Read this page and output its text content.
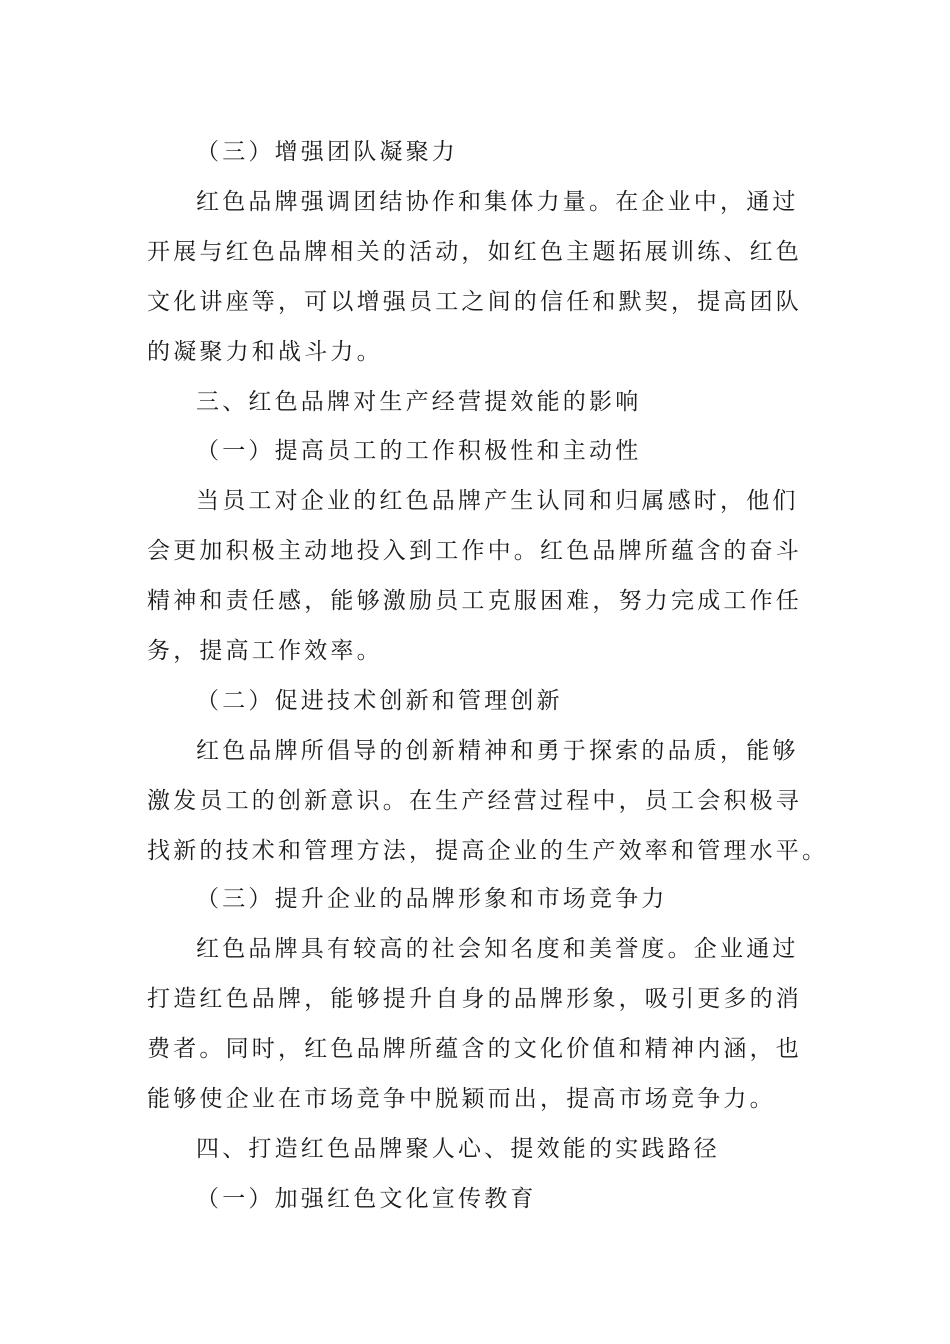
（三）增强团队凝聚力
红色品牌强调团结协作和集体力量。在企业中，通过
开展与红色品牌相关的活动，如红色主题拓展训练、红色
文化讲座等，可以增强员工之间的信任和默契，提高团队
的凝聚力和战斗力。
三、红色品牌对生产经营提效能的影响
（一）提高员工的工作积极性和主动性
当员工对企业的红色品牌产生认同和归属感时，他们
会更加积极主动地投入到工作中。红色品牌所蕴含的奋斗
精神和责任感，能够激励员工克服困难，努力完成工作任
务，提高工作效率。
（二）促进技术创新和管理创新
红色品牌所倡导的创新精神和勇于探索的品质，能够
激发员工的创新意识。在生产经营过程中，员工会积极寻
找新的技术和管理方法，提高企业的生产效率和管理水平。
（三）提升企业的品牌形象和市场竞争力
红色品牌具有较高的社会知名度和美誉度。企业通过
打造红色品牌，能够提升自身的品牌形象，吸引更多的消
费者。同时，红色品牌所蕴含的文化价值和精神内涵，也
能够使企业在市场竞争中脱颖而出，提高市场竞争力。
四、打造红色品牌聚人心、提效能的实践路径
（一）加强红色文化宣传教育
